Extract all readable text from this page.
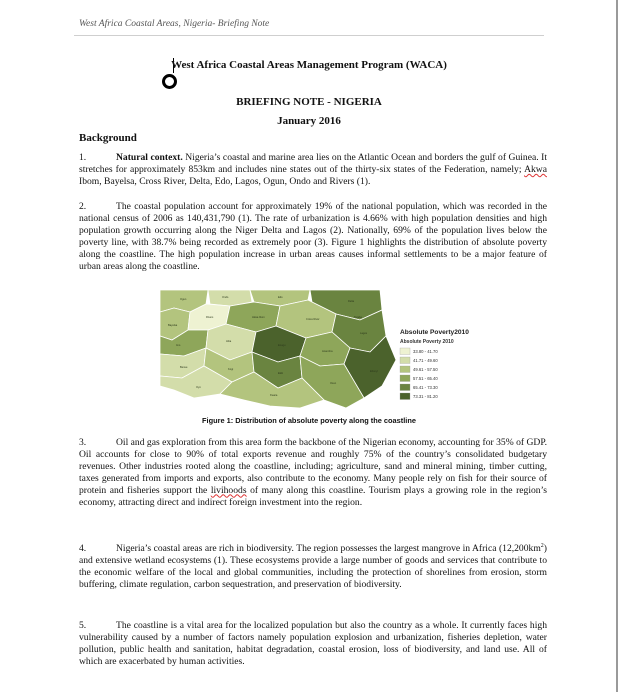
West Africa Coastal Areas, Nigeria- Briefing Note
West Africa Coastal Areas Management Program (WACA)
BRIEFING NOTE - NIGERIA
January 2016
Background
1.	Natural context. Nigeria’s coastal and marine area lies on the Atlantic Ocean and borders the gulf of Guinea. It stretches for approximately 853km and includes nine states out of the thirty-six states of the Federation, namely; Akwa Ibom, Bayelsa, Cross River, Delta, Edo, Lagos, Ogun, Ondo and Rivers (1).
2.	The coastal population account for approximately 19% of the national population, which was recorded in the national census of 2006 as 140,431,790 (1). The rate of urbanization is 4.66% with high population densities and high population growth occurring along the Niger Delta and Lagos (2). Nationally, 69% of the population lives below the poverty line, with 38.7% being recorded as extremely poor (3). Figure 1 highlights the distribution of absolute poverty along the coastline. The high population increase in urban areas causes informal settlements to be a major feature of urban areas along the coastline.
Ogun
Ondo	Edo
Delta
Bayelsa
Rivers	Akwa Ibom
Cross River
Lagos
Imo
Abia
Enugu
Anambra
Ebonyi
Benue
Kogi
Ekiti
Osun
Oyo
Kwara
Taraba
Absolute Poverty2010
Absolute Poverty 2010
33.80 - 41.70
41.71 - 49.60
49.61 - 57.50
57.51 - 65.40
65.41 - 73.30
73.31 - 81.20
Figure 1: Distribution of absolute poverty along the coastline
3.	Oil and gas exploration from this area form the backbone of the Nigerian economy, accounting for 35% of GDP. Oil accounts for close to 90% of total exports revenue and roughly 75% of the country’s consolidated budgetary revenues. Other industries rooted along the coastline, including; agriculture, sand and mineral mining, timber cutting, taxes generated from imports and exports, also contribute to the economy. Many people rely on fish for their source of protein and fisheries support the livihoods of many along this coastline. Tourism plays a growing role in the region’s economy, attracting direct and indirect foreign investment into the region.
4.	Nigeria’s coastal areas are rich in biodiversity. The region possesses the largest mangrove in Africa $(12,200km^2)$ and extensive wetland ecosystems (1). These ecosystems provide a large number of goods and services that contribute to the economic welfare of the local and global communities, including the protection of shorelines from erosion, storm buffering, climate regulation, carbon sequestration, and preservation of biodiversity.
5.	The coastline is a vital area for the localized population but also the country as a whole. It currently faces high vulnerability caused by a number of factors namely population explosion and urbanization, fisheries depletion, water pollution, public health and sanitation, habitat degradation, coastal erosion, loss of biodiversity, and land use. All of which are exacerbated by human activities.
